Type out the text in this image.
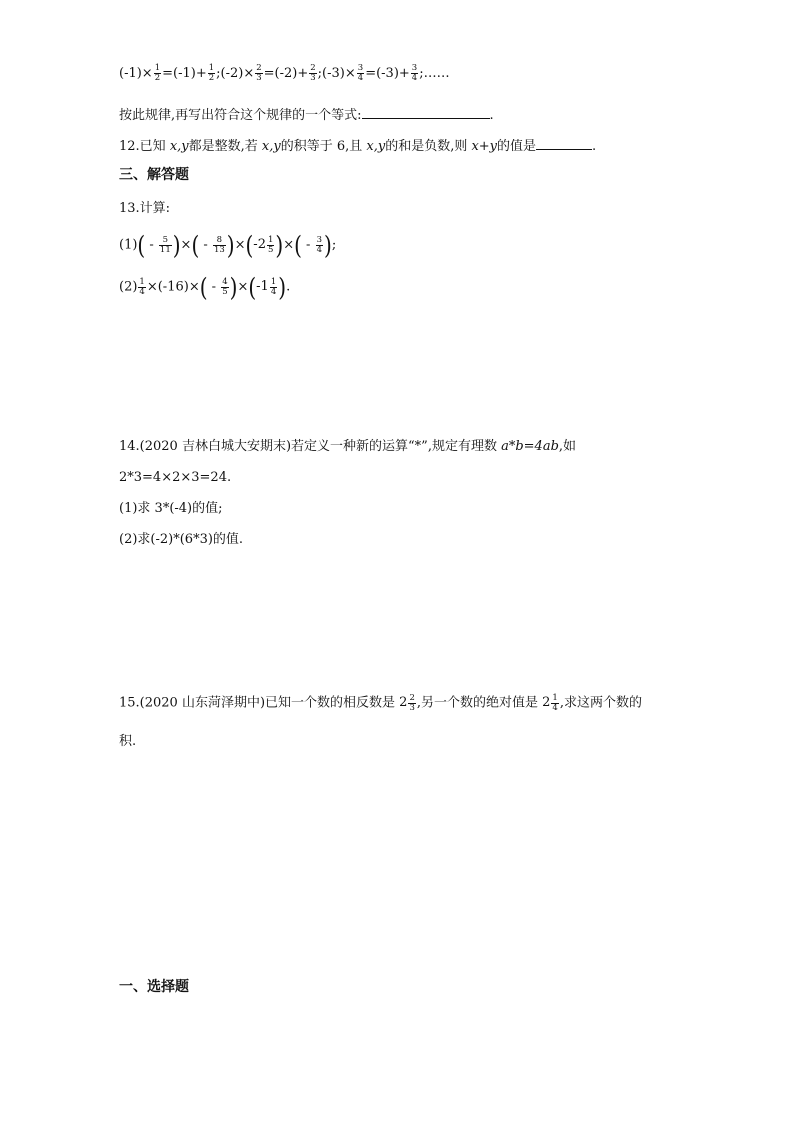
$(-1)\times \frac{1}{2} =(-1)+ \frac{1}{2}$ ;(-2)× $\frac{2}{3} =(-2)+ \frac{2}{3}$ ;(-3)× $\frac{3}{4} =(-3)+ \frac{3}{4}$ ;……
按此规律,再写出符合这个规律的一个等式:	.
12.已知 x,y都是整数,若 x,y的积等于 6,且 x,y的和是负数,则 x+y的值是	.
三、解答题
13.计算:
$(1)( - \frac{5}{11}$ )×( - $\frac{8}{13}$ )×( $-2 \frac{1}{5}$ )×( - $\frac{3}{4}$ );
$(2) \frac{1}{4} \times(-16)\times( - \frac{4}{5}$ )×( $-1 \frac{1}{4}$ ).
14.(2020 吉林白城大安期末)若定义一种新的运算“*”,规定有理数 a*b=4ab,如
2*3=4×2×3=24.
(1)求 3*(-4)的值;
(2)求(-2)*(6*3)的值.
15.(2020 山东菏泽期中)已知一个数的相反数是 $2 \frac{2}{3}$ ,另一个数的绝对值是 $2 \frac{1}{4}$ ,求这两个数的
积.
一、选择题
